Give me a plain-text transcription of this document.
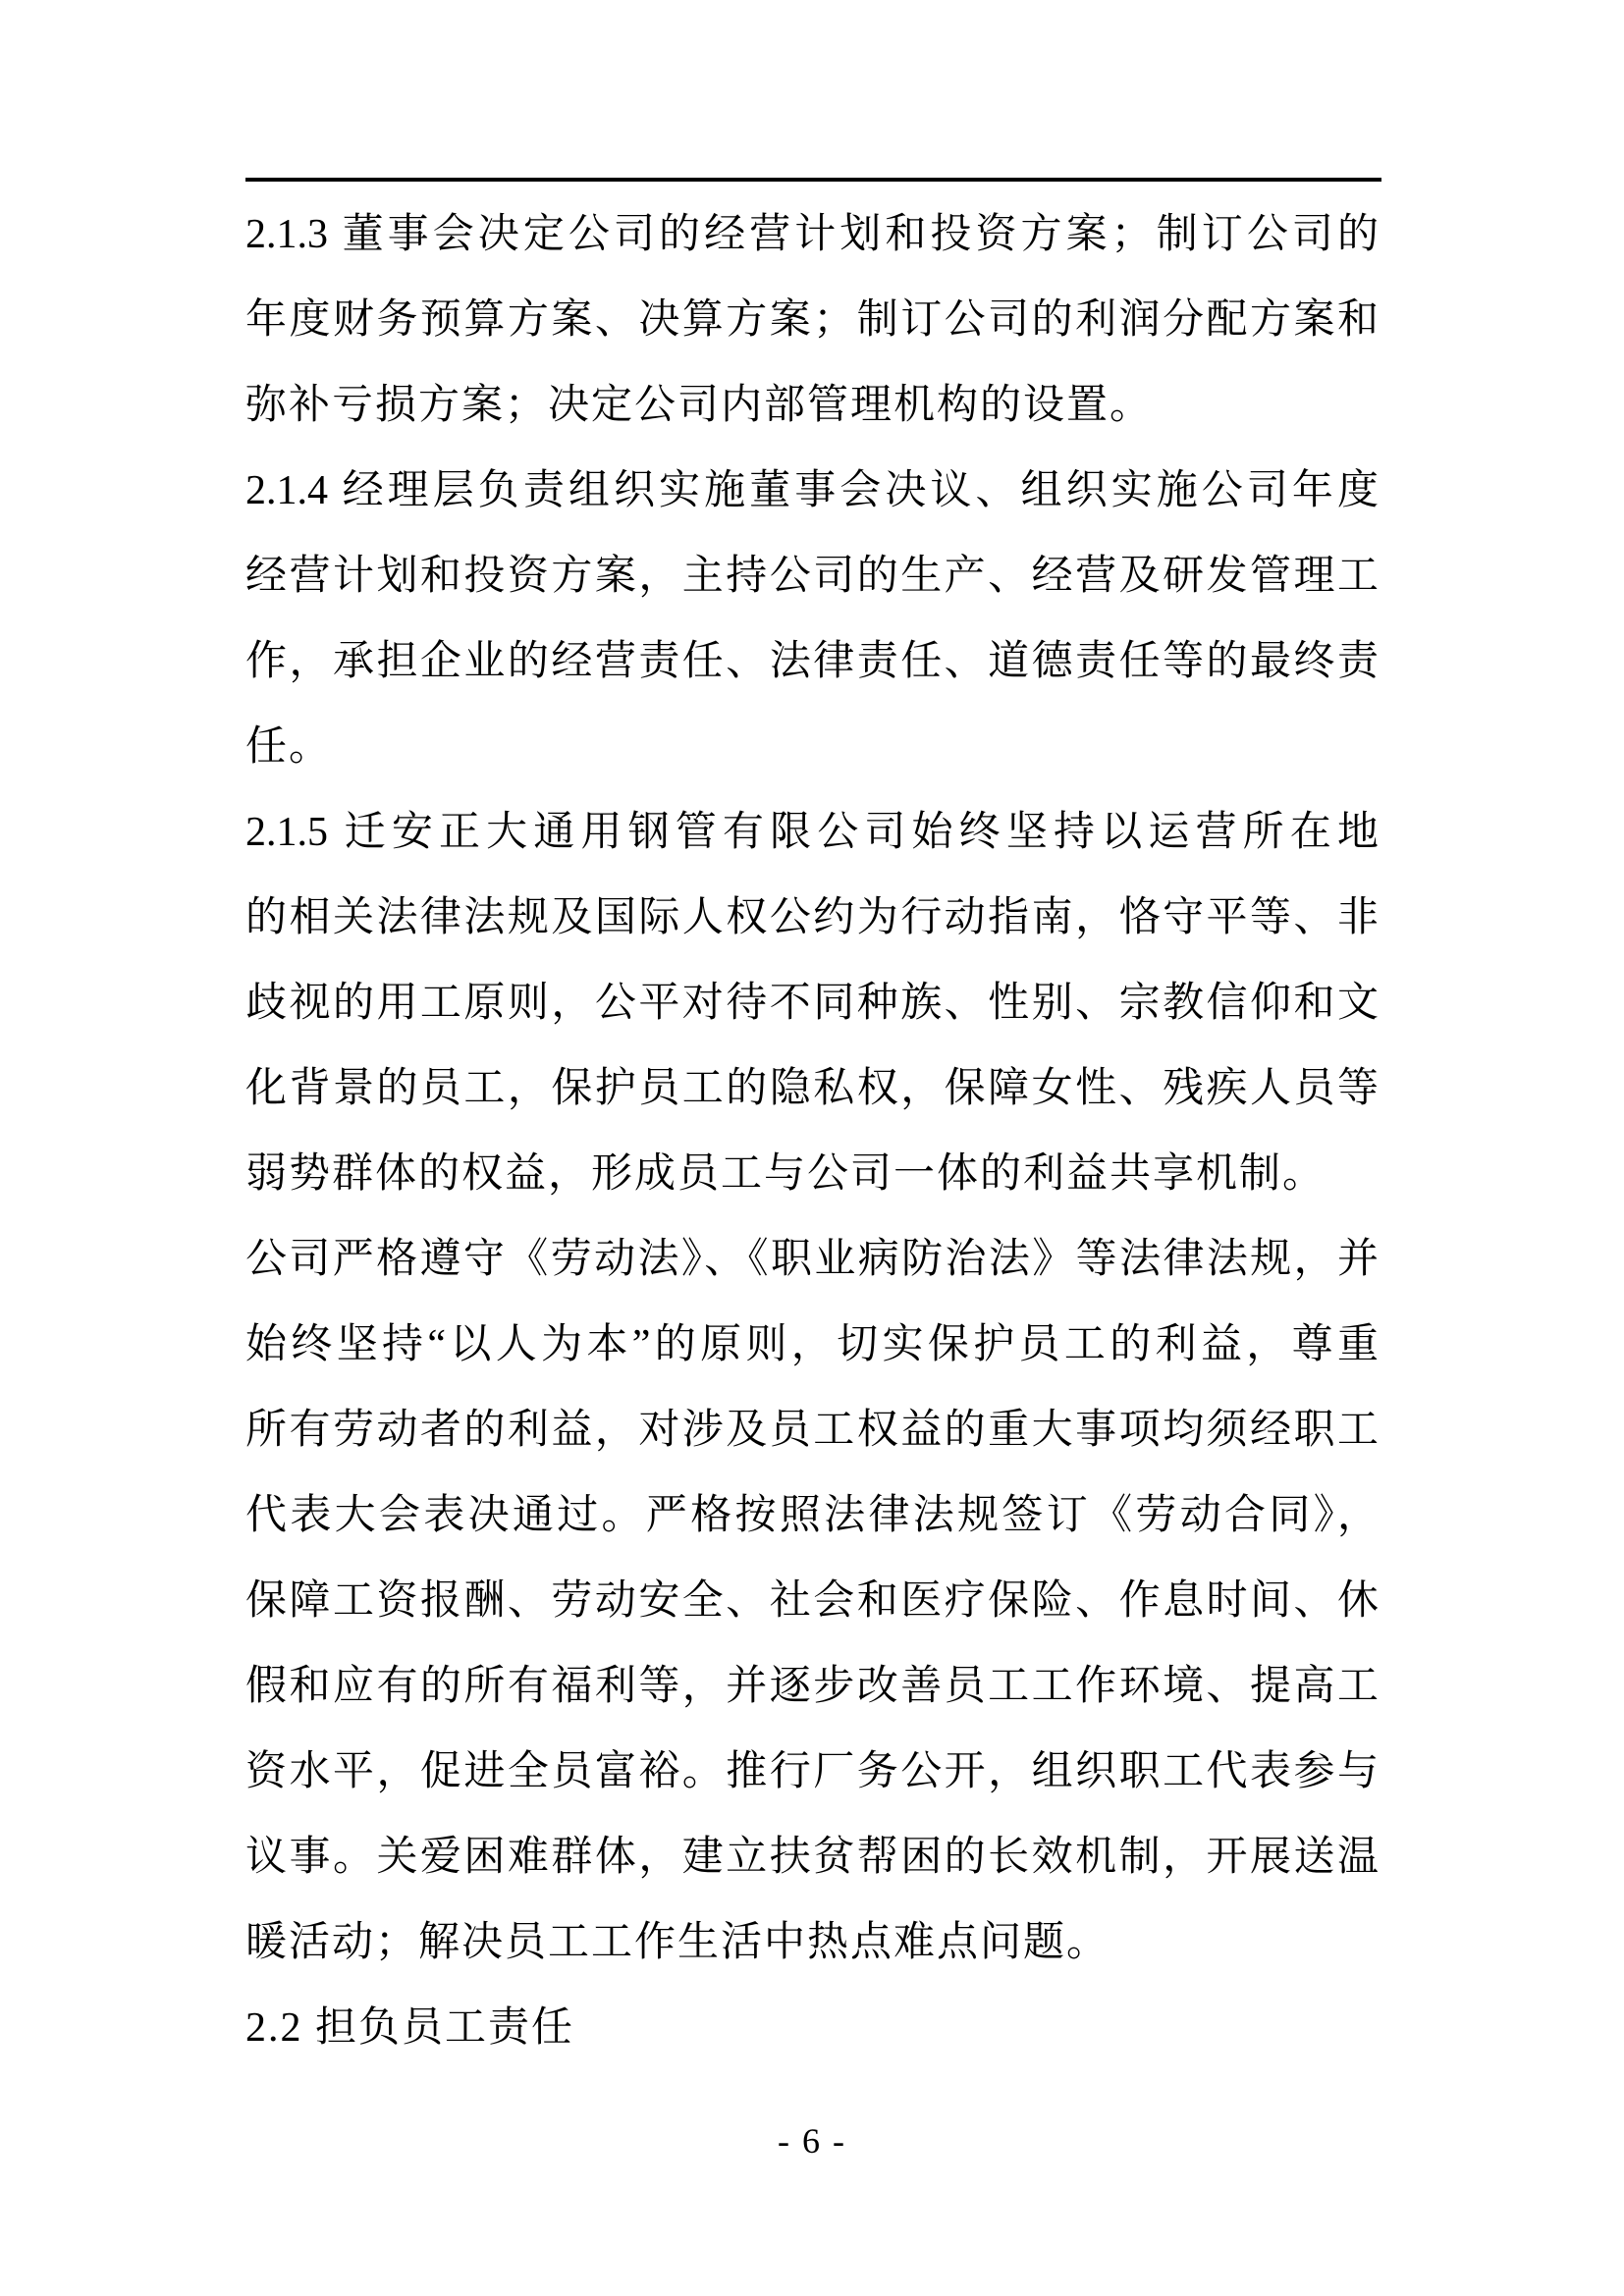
2.1.3 董事会决定公司的经营计划和投资方案；制订公司的
年度财务预算方案、决算方案；制订公司的利润分配方案和
弥补亏损方案；决定公司内部管理机构的设置。
2.1.4 经理层负责组织实施董事会决议、组织实施公司年度
经营计划和投资方案，主持公司的生产、经营及研发管理工
作，承担企业的经营责任、法律责任、道德责任等的最终责
任。
2.1.5 迁安正大通用钢管有限公司始终坚持以运营所在地
的相关法律法规及国际人权公约为行动指南，恪守平等、非
歧视的用工原则，公平对待不同种族、性别、宗教信仰和文
化背景的员工，保护员工的隐私权，保障女性、残疾人员等
弱势群体的权益，形成员工与公司一体的利益共享机制。
公司严格遵守《劳动法》、《职业病防治法》等法律法规，并
始终坚持“以人为本”的原则，切实保护员工的利益，尊重
所有劳动者的利益，对涉及员工权益的重大事项均须经职工
代表大会表决通过。严格按照法律法规签订《劳动合同》，
保障工资报酬、劳动安全、社会和医疗保险、作息时间、休
假和应有的所有福利等，并逐步改善员工工作环境、提高工
资水平，促进全员富裕。推行厂务公开，组织职工代表参与
议事。关爱困难群体，建立扶贫帮困的长效机制，开展送温
暖活动；解决员工工作生活中热点难点问题。
2.2 担负员工责任
- 6 -
